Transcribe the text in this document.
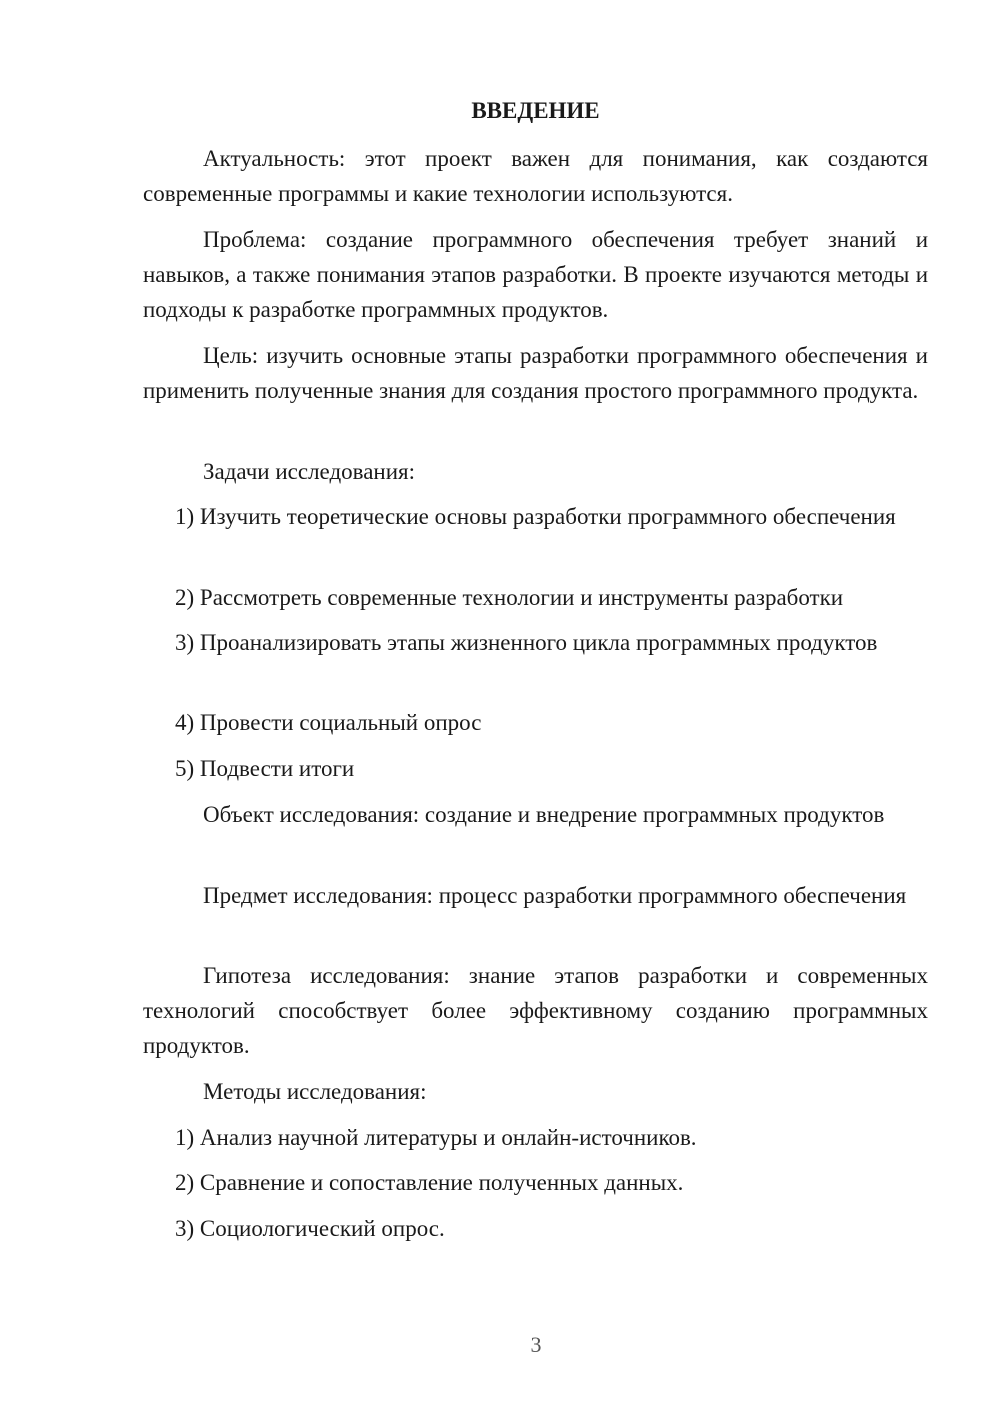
ВВЕДЕНИЕ
Актуальность: этот проект важен для понимания, как создаются современные программы и какие технологии используются.
Проблема: создание программного обеспечения требует знаний и навыков, а также понимания этапов разработки. В проекте изучаются методы и подходы к разработке программных продуктов.
Цель: изучить основные этапы разработки программного обеспечения и применить полученные знания для создания простого программного продукта.
Задачи исследования:
1) Изучить теоретические основы разработки программного обеспечения
2) Рассмотреть современные технологии и инструменты разработки
3) Проанализировать этапы жизненного цикла программных продуктов
4) Провести социальный опрос
5) Подвести итоги
Объект исследования: создание и внедрение программных продуктов
Предмет исследования: процесс разработки программного обеспечения
Гипотеза исследования: знание этапов разработки и современных технологий способствует более эффективному созданию программных продуктов.
Методы исследования:
1) Анализ научной литературы и онлайн-источников.
2) Сравнение и сопоставление полученных данных.
3) Социологический опрос.
3
